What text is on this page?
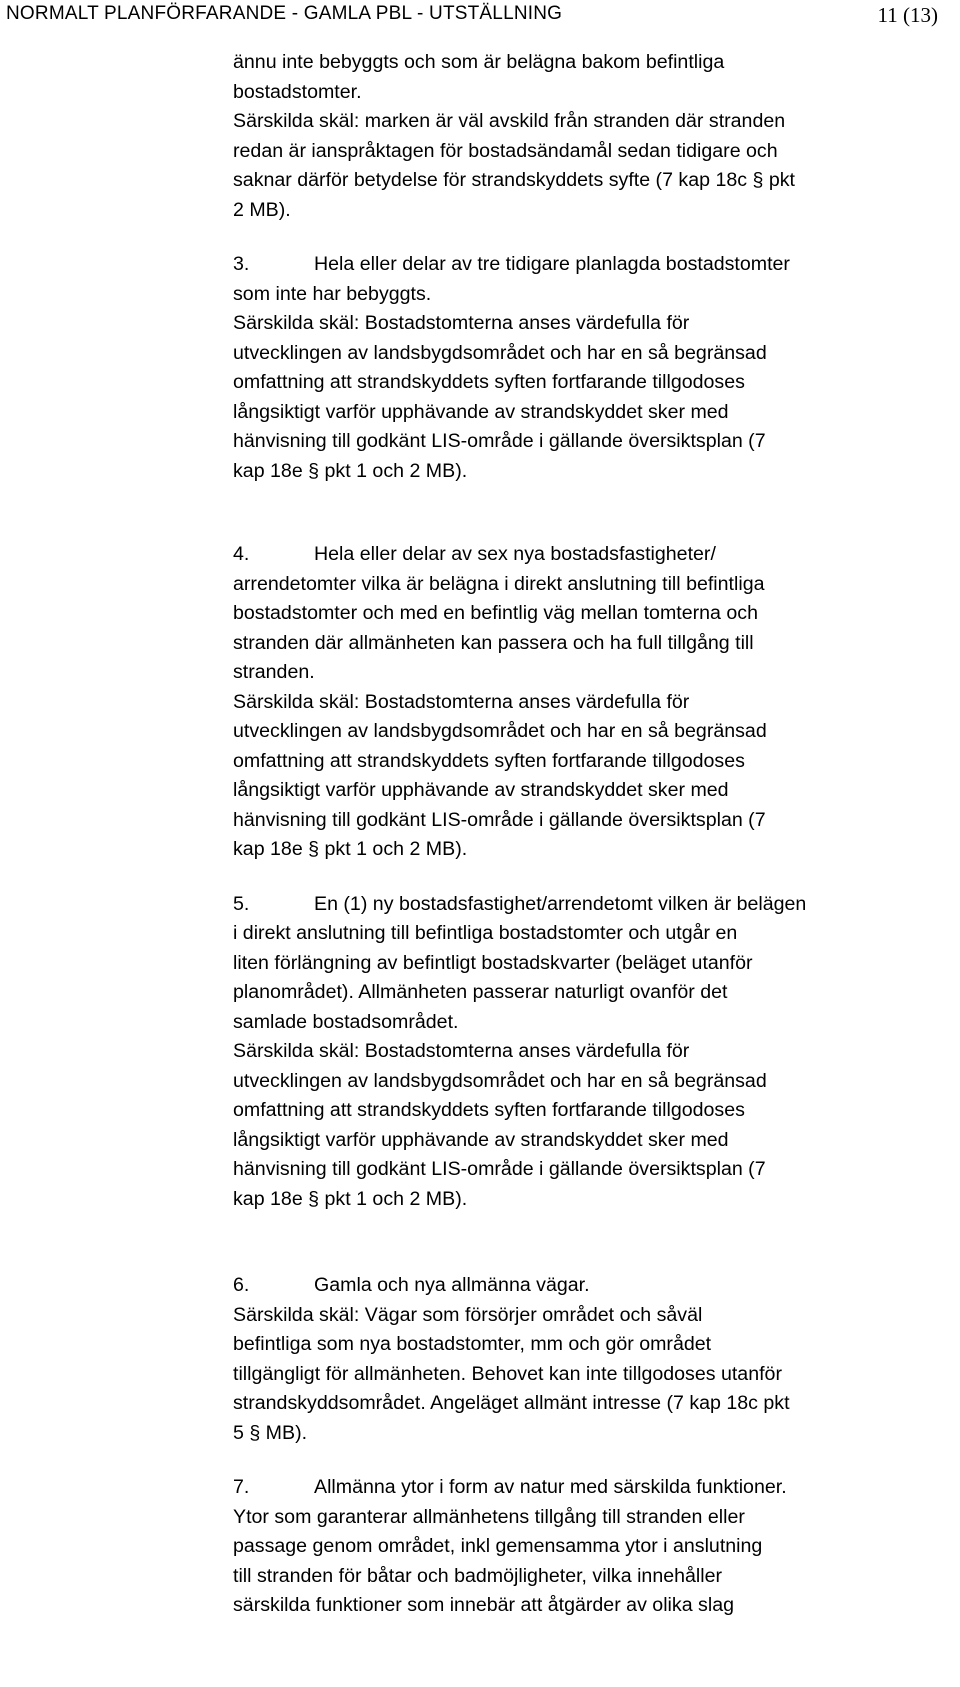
NORMALT PLANFÖRFARANDE - GAMLA PBL - UTSTÄLLNING	11 (13)
ännu inte bebyggts och som är belägna bakom befintliga
bostadstomter.
Särskilda skäl: marken är väl avskild från stranden där stranden
redan är ianspråktagen för bostadsändamål sedan tidigare och
saknar därför betydelse för strandskyddets syfte (7 kap 18c § pkt
2 MB).
3.	Hela eller delar av tre tidigare planlagda bostadstomter
som inte har bebyggts.
Särskilda skäl: Bostadstomterna anses värdefulla för
utvecklingen av landsbygdsområdet och har en så begränsad
omfattning att strandskyddets syften fortfarande tillgodoses
långsiktigt varför upphävande av strandskyddet sker med
hänvisning till godkänt LIS-område i gällande översiktsplan (7
kap 18e § pkt 1 och 2 MB).
4.	Hela eller delar av sex nya bostadsfastigheter/
arrendetomter vilka är belägna i direkt anslutning till befintliga
bostadstomter och med en befintlig väg mellan tomterna och
stranden där allmänheten kan passera och ha full tillgång till
stranden.
Särskilda skäl: Bostadstomterna anses värdefulla för
utvecklingen av landsbygdsområdet och har en så begränsad
omfattning att strandskyddets syften fortfarande tillgodoses
långsiktigt varför upphävande av strandskyddet sker med
hänvisning till godkänt LIS-område i gällande översiktsplan (7
kap 18e § pkt 1 och 2 MB).
5.	En (1) ny bostadsfastighet/arrendetomt vilken är belägen
i direkt anslutning till befintliga bostadstomter och utgår en
liten förlängning av befintligt bostadskvarter (beläget utanför
planområdet). Allmänheten passerar naturligt ovanför det
samlade bostadsområdet.
Särskilda skäl: Bostadstomterna anses värdefulla för
utvecklingen av landsbygdsområdet och har en så begränsad
omfattning att strandskyddets syften fortfarande tillgodoses
långsiktigt varför upphävande av strandskyddet sker med
hänvisning till godkänt LIS-område i gällande översiktsplan (7
kap 18e § pkt 1 och 2 MB).
6.	Gamla och nya allmänna vägar.
Särskilda skäl: Vägar som försörjer området och såväl
befintliga som nya bostadstomter, mm och gör området
tillgängligt för allmänheten. Behovet kan inte tillgodoses utanför
strandskyddsområdet. Angeläget allmänt intresse (7 kap 18c pkt
5 § MB).
7.	Allmänna ytor i form av natur med särskilda funktioner.
Ytor som garanterar allmänhetens tillgång till stranden eller
passage genom området, inkl gemensamma ytor i anslutning
till stranden för båtar och badmöjligheter, vilka innehåller
särskilda funktioner som innebär att åtgärder av olika slag
